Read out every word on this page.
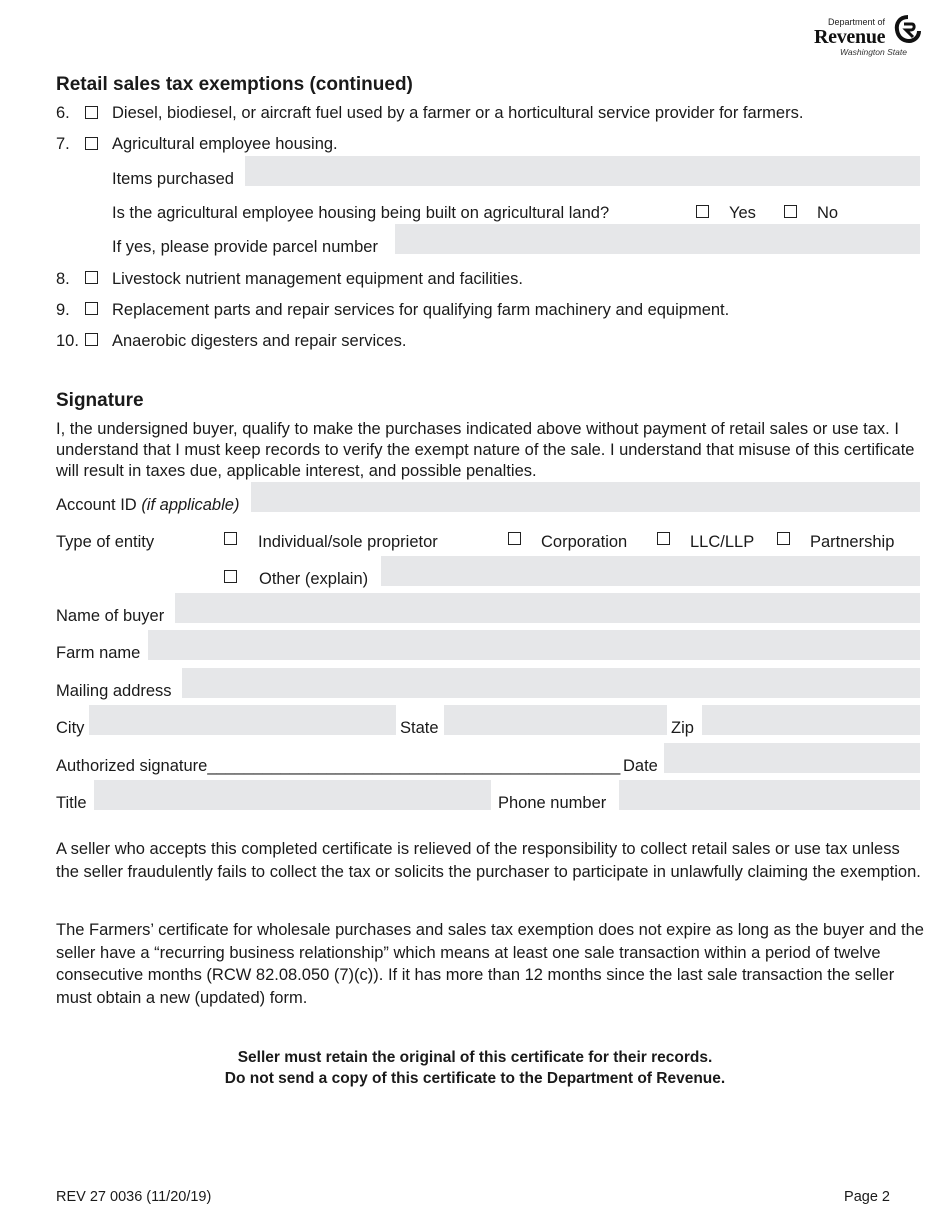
Department of
Revenue
Washington State
Retail sales tax exemptions (continued)
6.	Diesel, biodiesel, or aircraft fuel used by a farmer or a horticultural service provider for farmers.
7.	Agricultural employee housing.
Items purchased
Is the agricultural employee housing being built on agricultural land?	Yes	No
If yes, please provide parcel number
8.	Livestock nutrient management equipment and facilities.
9.	Replacement parts and repair services for qualifying farm machinery and equipment.
10. Anaerobic digesters and repair services.
Signature
I, the undersigned buyer, qualify to make the purchases indicated above without payment of retail sales or use tax. I understand that I must keep records to verify the exempt nature of the sale. I understand that misuse of this certificate will result in taxes due, applicable interest, and possible penalties.
Account ID (if applicable)
Type of entity	Individual/sole proprietor	Corporation	LLC/LLP	Partnership
Other (explain)
Name of buyer
Farm name
Mailing address
City	State	Zip
Authorized signature_____________________________________________ Date
Title	Phone number
A seller who accepts this completed certificate is relieved of the responsibility to collect retail sales or use tax unless the seller fraudulently fails to collect the tax or solicits the purchaser to participate in unlawfully claiming the exemption.
The Farmers’ certificate for wholesale purchases and sales tax exemption does not expire as long as the buyer and the seller have a “recurring business relationship” which means at least one sale transaction within a period of twelve consecutive months (RCW 82.08.050 (7)(c)). If it has more than 12 months since the last sale transaction the seller must obtain a new (updated) form.
Seller must retain the original of this certificate for their records.
Do not send a copy of this certificate to the Department of Revenue.
REV 27 0036 (11/20/19)	Page 2
